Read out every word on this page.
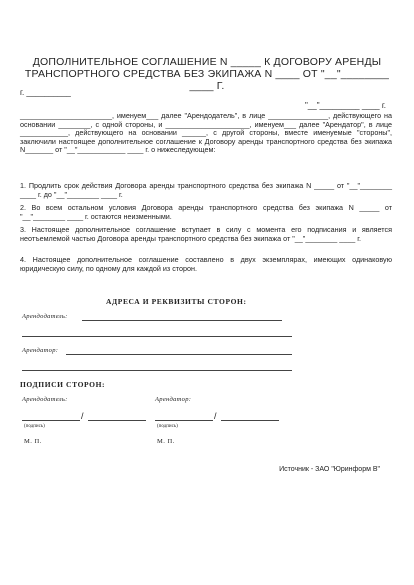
ДОПОЛНИТЕЛЬНОЕ СОГЛАШЕНИЕ N _____ К ДОГОВОРУ АРЕНДЫ
ТРАНСПОРТНОГО СРЕДСТВА БЕЗ ЭКИПАЖА N ____ ОТ "__"________ ____ Г.
г. __________
"__"_________ ____ г.
_______________________, именуем___ далее "Арендодатель", в лице _______________, действующего на основании ________, с одной стороны, и _____________________, именуем___ далее "Арендатор", в лице ____________, действующего на основании ______, с другой стороны, вместе именуемые "стороны", заключили настоящее дополнительное соглашение к Договору аренды транспортного средства без экипажа N_______ от "__"____________ ____ г. о нижеследующем:
1. Продлить срок действия Договора аренды транспортного средства без экипажа N _____ от "__"________ ____ г. до "__"________ ____ г.
2. Во всем остальном условия Договора аренды транспортного средства без экипажа N _____ от "__"________ ____ г. остаются неизменными.
3. Настоящее дополнительное соглашение вступает в силу с момента его подписания и является неотъемлемой частью Договора аренды транспортного средства без экипажа от "__"________ ____ г.
4. Настоящее дополнительное соглашение составлено в двух экземплярах, имеющих одинаковую юридическую силу, по одному для каждой из сторон.
АДРЕСА И РЕКВИЗИТЫ СТОРОН:
Арендодатель:
Арендатор:
ПОДПИСИ СТОРОН:
Арендодатель:	Арендатор:
/
(подпись)
/
(подпись)
М. П.	М. П.
Источник - ЗАО "Юринформ В"
